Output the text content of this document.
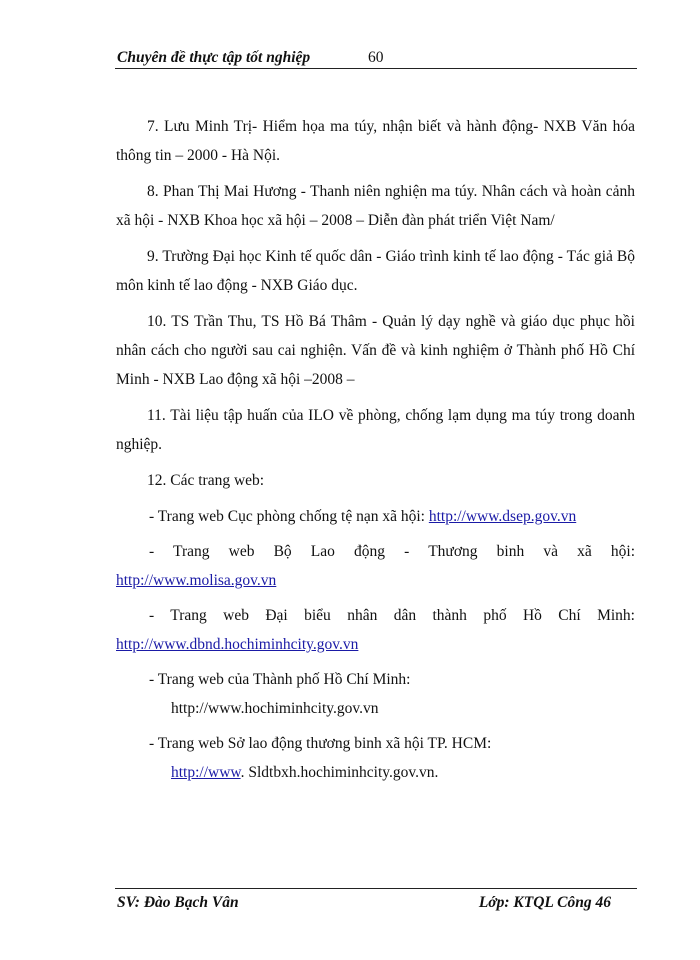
Chuyên đề thực tập tốt nghiệp	60

7. Lưu Minh Trị- Hiểm họa ma túy, nhận biết và hành động- NXB Văn hóa thông tin – 2000 - Hà Nội.

8. Phan Thị Mai Hương - Thanh niên nghiện ma túy. Nhân cách và hoàn cảnh xã hội - NXB Khoa học xã hội – 2008 – Diễn đàn phát triển Việt Nam/

9. Trường Đại học Kinh tế quốc dân - Giáo trình kinh tế lao động - Tác giả Bộ môn kinh tế lao động - NXB Giáo dục.

10. TS Trần Thu, TS Hồ Bá Thâm - Quản lý dạy nghề và giáo dục phục hồi nhân cách cho người sau cai nghiện. Vấn đề và kinh nghiệm ở Thành phố Hồ Chí Minh - NXB Lao động xã hội –2008 –

11. Tài liệu tập huấn của ILO về phòng, chống lạm dụng ma túy trong doanh nghiệp.

12. Các trang web:

- Trang web Cục phòng chống tệ nạn xã hội: http://www.dsep.gov.vn

- Trang web Bộ Lao động - Thương binh và xã hội:

http://www.molisa.gov.vn

- Trang web Đại biểu nhân dân thành phố Hồ Chí Minh:

http://www.dbnd.hochiminhcity.gov.vn

- Trang web của Thành phố Hồ Chí Minh:

http://www.hochiminhcity.gov.vn

- Trang web Sở lao động thương binh xã hội TP. HCM:

http://www. Sldtbxh.hochiminhcity.gov.vn.

SV: Đào Bạch Vân	Lớp: KTQL Công 46
